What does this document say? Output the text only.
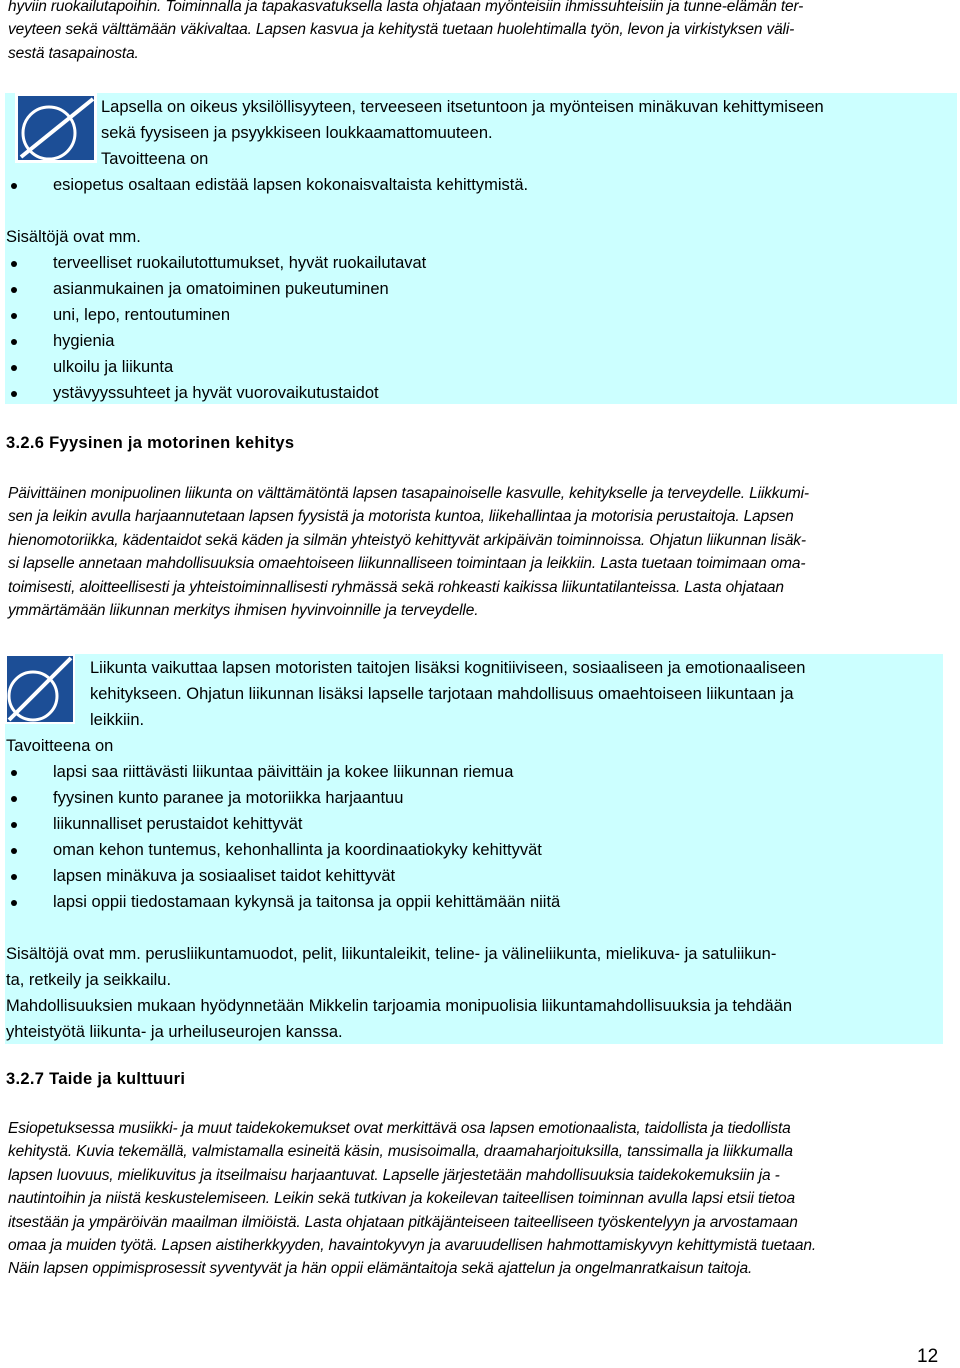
hyviin ruokailutapoihin. Toiminnalla ja tapakasvatuksella lasta ohjataan myönteisiin ihmissuhteisiin ja tunne-elämän ter-
veyteen sekä välttämään väkivaltaa. Lapsen kasvua ja kehitystä tuetaan huolehtimalla työn, levon ja virkistyksen väli-
sestä tasapainosta.

Lapsella on oikeus yksilöllisyyteen, terveeseen itsetuntoon ja myönteisen minäkuvan kehittymiseen

sekä fyysiseen ja psyykkiseen loukkaamattomuuteen.

Tavoitteena on

esiopetus osaltaan edistää lapsen kokonaisvaltaista kehittymistä.

Sisältöjä ovat mm.

terveelliset ruokailutottumukset, hyvät ruokailutavat
asianmukainen ja omatoiminen pukeutuminen
uni, lepo, rentoutuminen
hygienia
ulkoilu ja liikunta
ystävyyssuhteet ja hyvät vuorovaikutustaidot
3.2.6 Fyysinen ja motorinen kehitys
Päivittäinen monipuolinen liikunta on välttämätöntä lapsen tasapainoiselle kasvulle, kehitykselle ja terveydelle. Liikkumi-
sen ja leikin avulla harjaannutetaan lapsen fyysistä ja motorista kuntoa, liikehallintaa ja motorisia perustaitoja. Lapsen
hienomotoriikka, kädentaidot sekä käden ja silmän yhteistyö kehittyvät arkipäivän toiminnoissa. Ohjatun liikunnan lisäk-
si lapselle annetaan mahdollisuuksia omaehtoiseen liikunnalliseen toimintaan ja leikkiin. Lasta tuetaan toimimaan oma-
toimisesti, aloitteellisesti ja yhteistoiminnallisesti ryhmässä sekä rohkeasti kaikissa liikuntatilanteissa. Lasta ohjataan
ymmärtämään liikunnan merkitys ihmisen hyvinvoinnille ja terveydelle.

Liikunta vaikuttaa lapsen motoristen taitojen lisäksi kognitiiviseen, sosiaaliseen ja emotionaaliseen

kehitykseen. Ohjatun liikunnan lisäksi lapselle tarjotaan mahdollisuus omaehtoiseen liikuntaan ja

leikkiin.

Tavoitteena on

lapsi saa riittävästi liikuntaa päivittäin ja kokee liikunnan riemua
fyysinen kunto paranee ja motoriikka harjaantuu
liikunnalliset perustaidot kehittyvät
oman kehon tuntemus, kehonhallinta ja koordinaatiokyky kehittyvät
lapsen minäkuva ja sosiaaliset taidot kehittyvät
lapsi oppii tiedostamaan kykynsä ja taitonsa ja oppii kehittämään niitä

Sisältöjä ovat mm. perusliikuntamuodot, pelit, liikuntaleikit, teline- ja välineliikunta, mielikuva- ja satuliikun-

ta, retkeily ja seikkailu.

Mahdollisuuksien mukaan hyödynnetään Mikkelin tarjoamia monipuolisia liikuntamahdollisuuksia ja tehdään

yhteistyötä liikunta- ja urheiluseurojen kanssa.

3.2.7 Taide ja kulttuuri
Esiopetuksessa musiikki- ja muut taidekokemukset ovat merkittävä osa lapsen emotionaalista, taidollista ja tiedollista
kehitystä. Kuvia tekemällä, valmistamalla esineitä käsin, musisoimalla, draamaharjoituksilla, tanssimalla ja liikkumalla
lapsen luovuus, mielikuvitus ja itseilmaisu harjaantuvat. Lapselle järjestetään mahdollisuuksia taidekokemuksiin ja -
nautintoihin ja niistä keskustelemiseen. Leikin sekä tutkivan ja kokeilevan taiteellisen toiminnan avulla lapsi etsii tietoa
itsestään ja ympäröivän maailman ilmiöistä. Lasta ohjataan pitkäjänteiseen taiteelliseen työskentelyyn ja arvostamaan
omaa ja muiden työtä. Lapsen aistiherkkyyden, havaintokyvyn ja avaruudellisen hahmottamiskyvyn kehittymistä tuetaan.
Näin lapsen oppimisprosessit syventyvät ja hän oppii elämäntaitoja sekä ajattelun ja ongelmanratkaisun taitoja.
12
